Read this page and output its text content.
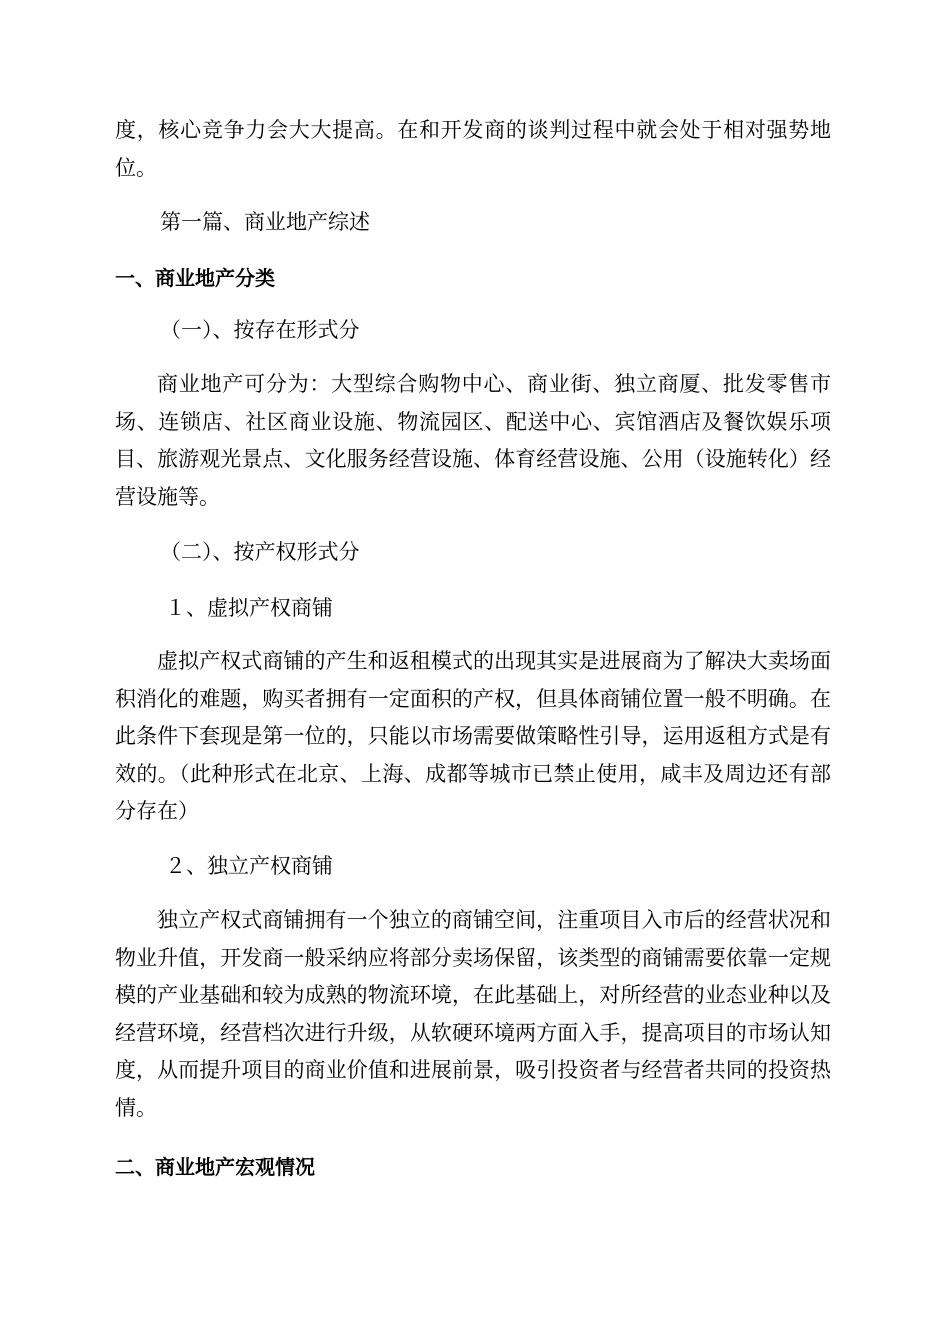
度，核心竞争力会大大提高。在和开发商的谈判过程中就会处于相对强势地位。
第一篇、商业地产综述
一、商业地产分类
（一）、按存在形式分
商业地产可分为：大型综合购物中心、商业街、独立商厦、批发零售市场、连锁店、社区商业设施、物流园区、配送中心、宾馆酒店及餐饮娱乐项目、旅游观光景点、文化服务经营设施、体育经营设施、公用（设施转化）经营设施等。
（二）、按产权形式分
１、虚拟产权商铺
虚拟产权式商铺的产生和返租模式的出现其实是进展商为了解决大卖场面积消化的难题，购买者拥有一定面积的产权，但具体商铺位置一般不明确。在此条件下套现是第一位的，只能以市场需要做策略性引导，运用返租方式是有效的。（此种形式在北京、上海、成都等城市已禁止使用，咸丰及周边还有部分存在）
２、独立产权商铺
独立产权式商铺拥有一个独立的商铺空间，注重项目入市后的经营状况和物业升值，开发商一般采纳应将部分卖场保留，该类型的商铺需要依靠一定规模的产业基础和较为成熟的物流环境，在此基础上，对所经营的业态业种以及经营环境，经营档次进行升级，从软硬环境两方面入手，提高项目的市场认知度，从而提升项目的商业价值和进展前景，吸引投资者与经营者共同的投资热情。
二、商业地产宏观情况
